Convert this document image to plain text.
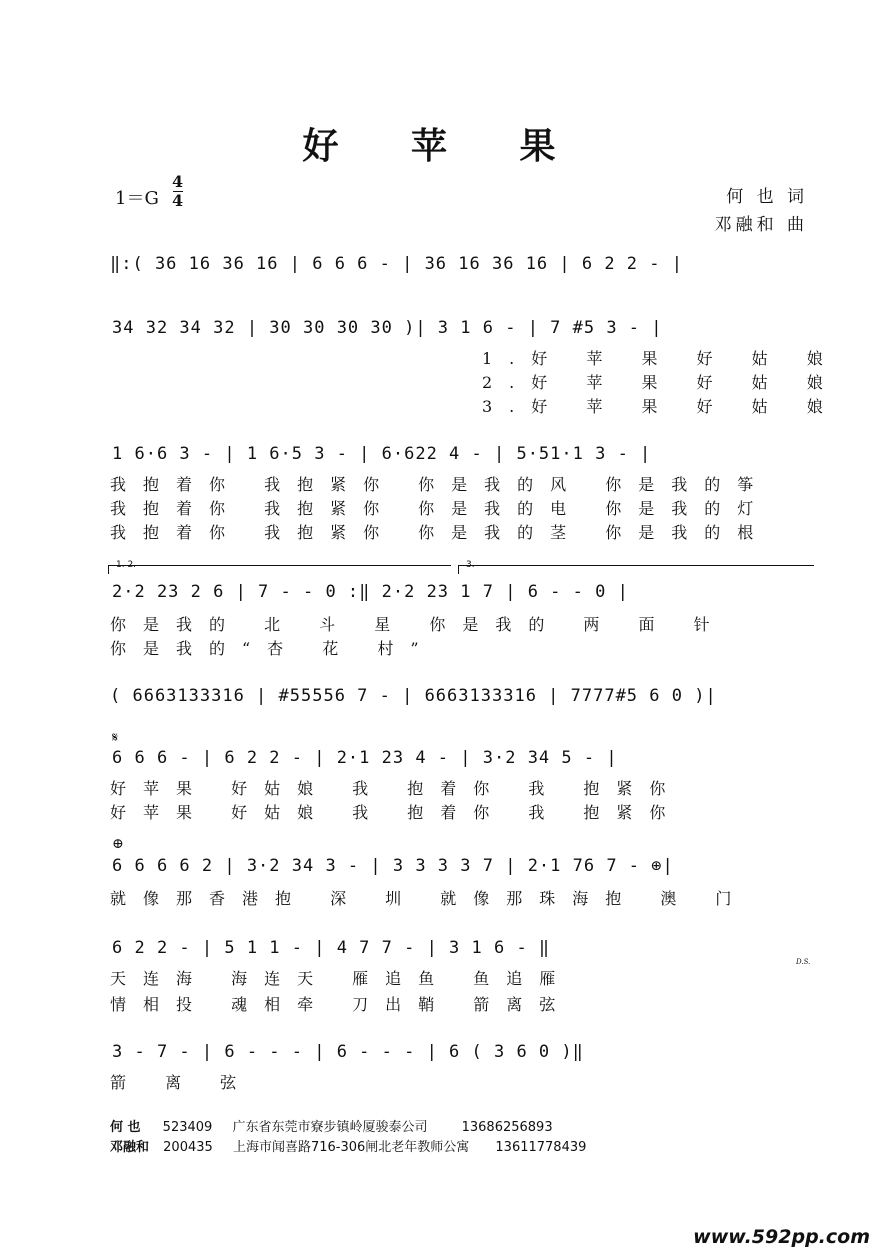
好 苹 果
1＝G
4
4	何 也 词
邓融和 曲
‖:( 36 16 36 16 | 6 6 6 - | 36 16 36 16 | 6 2 2 - |
34 32 34 32 | 30 30 30 30 )| 3 1 6 - | 7 #5 3 - |
1.好 苹 果 好 姑 娘
2.好 苹 果 好 姑 娘
3.好 苹 果 好 姑 娘
1 6·6 3 - | 1 6·5 3 - | 6·622 4 - | 5·51·1 3 - |
我抱着你 我抱紧你 你是我的风 你是我的筝
我抱着你 我抱紧你 你是我的电 你是我的灯
我抱着你 我抱紧你 你是我的茎 你是我的根
1. 2.	3.
2·2 23 2 6 | 7 - - 0 :‖ 2·2 23 1 7 | 6 - - 0 |
你是我的 北 斗 星 你是我的 两 面 针
你是我的“杏 花 村”
( 6663133316 | #55556 7 - | 6663133316 | 7777#5 6 0 )|
𝄋
6 6 6 - | 6 2 2 - | 2·1 23 4 - | 3·2 34 5 - |
好苹果 好姑娘 我 抱着你 我 抱紧你
好苹果 好姑娘 我 抱着你 我 抱紧你
⊕
6 6 6 6 2 | 3·2 34 3 - | 3 3 3 3 7 | 2·1 76 7 - ⊕|
就像那香港抱 深 圳 就像那珠海抱 澳 门
6 2 2 - | 5 1 1 - | 4 7 7 - | 3 1 6 - ‖
D.S.
天连海 海连天 雁追鱼 鱼追雁
情相投 魂相牵 刀出鞘 箭离弦
3 - 7 - | 6 - - - | 6 - - - | 6 ( 3 6 0 )‖
箭 离 弦
何 也 523409 广东省东莞市寮步镇岭厦骏泰公司	13686256893
邓融和 200435 上海市闻喜路716-306闸北老年教师公寓 13611778439
www.592pp.com
